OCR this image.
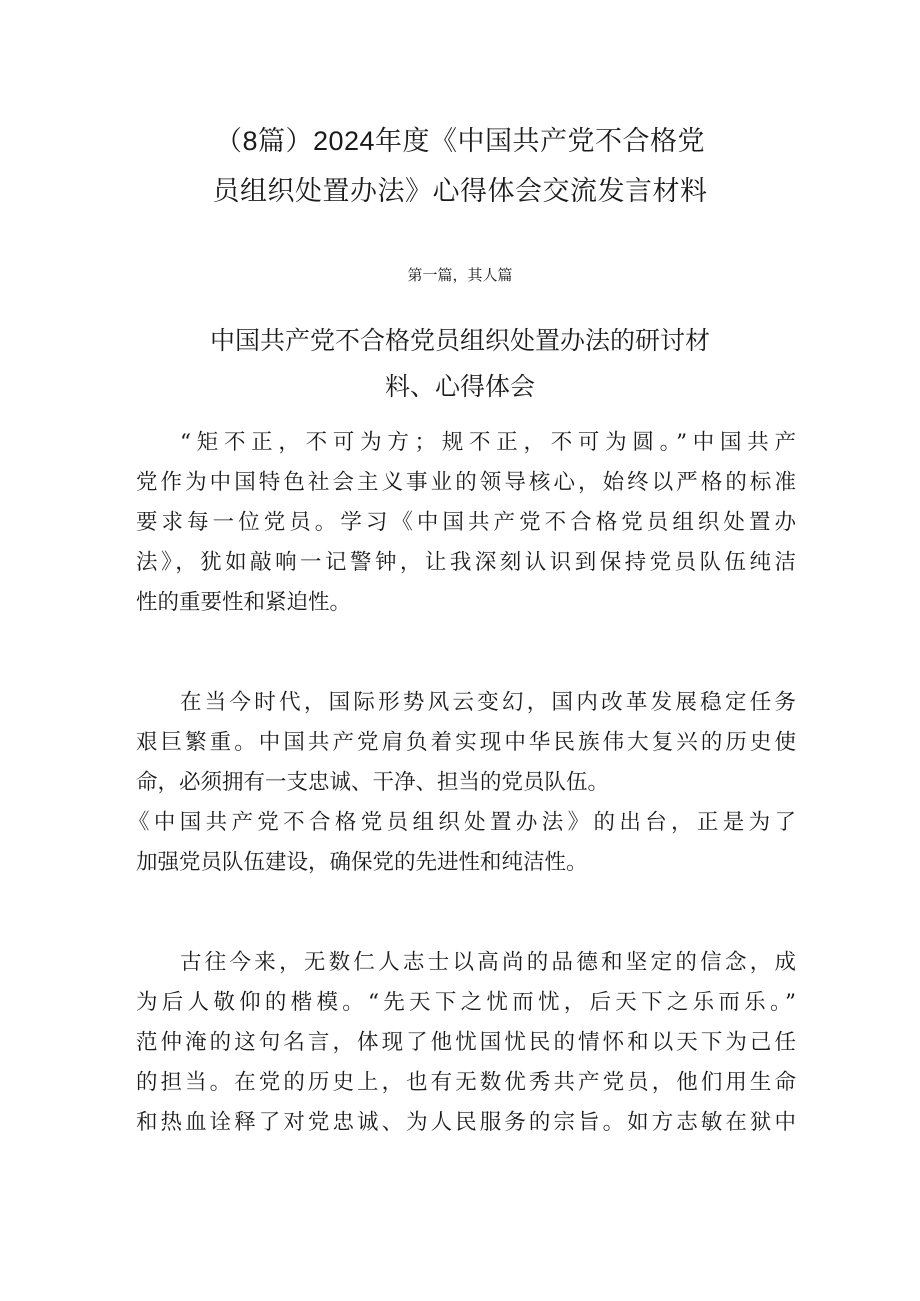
（8篇）2024年度《中国共产党不合格党
员组织处置办法》心得体会交流发言材料
第一篇，其人篇
中国共产党不合格党员组织处置办法的研讨材
料、心得体会
“矩不正，不可为方；规不正，不可为圆。”中国共产
党作为中国特色社会主义事业的领导核心，始终以严格的标准
要求每一位党员。学习《中国共产党不合格党员组织处置办
法》，犹如敲响一记警钟，让我深刻认识到保持党员队伍纯洁
性的重要性和紧迫性。
在当今时代，国际形势风云变幻，国内改革发展稳定任务
艰巨繁重。中国共产党肩负着实现中华民族伟大复兴的历史使
命，必须拥有一支忠诚、干净、担当的党员队伍。
《中国共产党不合格党员组织处置办法》的出台，正是为了
加强党员队伍建设，确保党的先进性和纯洁性。
古往今来，无数仁人志士以高尚的品德和坚定的信念，成
为后人敬仰的楷模。“先天下之忧而忧，后天下之乐而乐。”
范仲淹的这句名言，体现了他忧国忧民的情怀和以天下为己任
的担当。在党的历史上，也有无数优秀共产党员，他们用生命
和热血诠释了对党忠诚、为人民服务的宗旨。如方志敏在狱中
